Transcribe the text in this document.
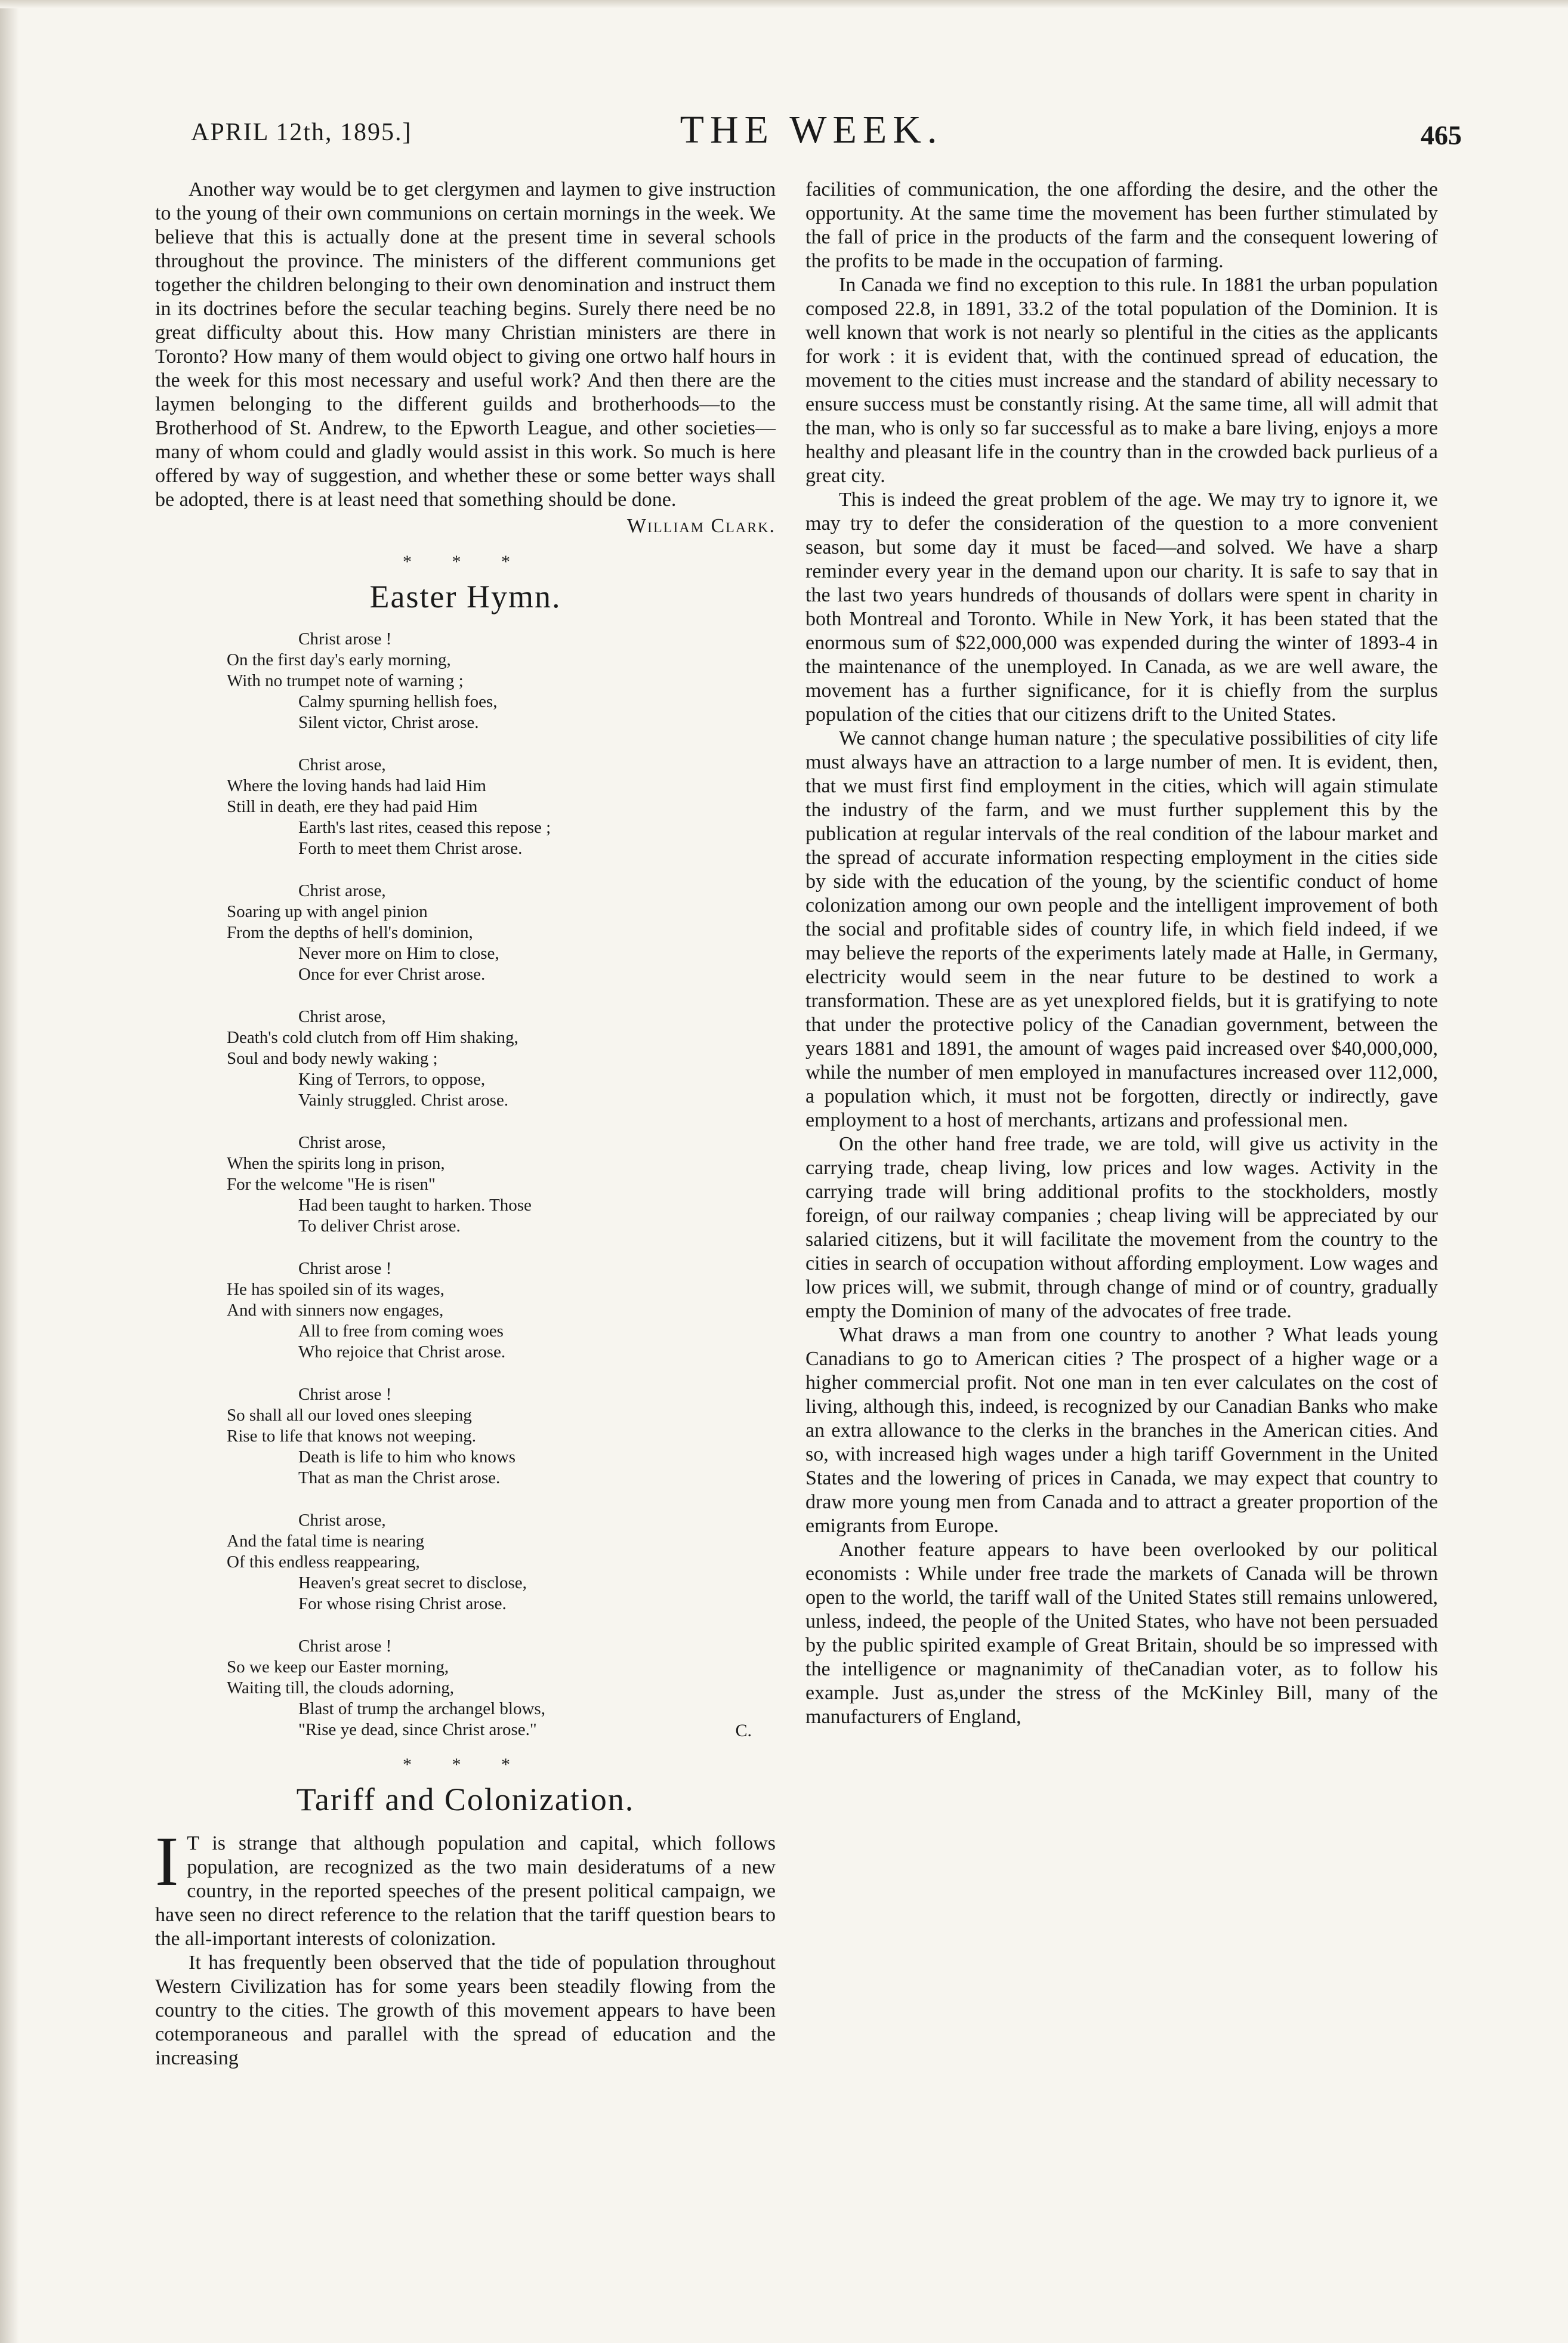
APRIL 12th, 1895.]	THE WEEK.	465

Another way would be to get clergymen and laymen to give instruction to the young of their own communions on certain mornings in the week. We believe that this is actually done at the present time in several schools throughout the province. The ministers of the different communions get together the children belonging to their own denomination and instruct them in its doctrines before the secular teaching begins. Surely there need be no great difficulty about this. How many Christian ministers are there in Toronto? How many of them would object to giving one ortwo half hours in the week for this most necessary and useful work? And then there are the laymen belonging to the different guilds and brotherhoods—to the Brotherhood of St. Andrew, to the Epworth League, and other societies—many of whom could and gladly would assist in this work. So much is here offered by way of suggestion, and whether these or some better ways shall be adopted, there is at least need that something should be done.

William Clark.
* * *
Easter Hymn.
Christ arose !
On the first day's early morning,
With no trumpet note of warning ;
Calmy spurning hellish foes,
Silent victor, Christ arose.
Christ arose,
Where the loving hands had laid Him
Still in death, ere they had paid Him
Earth's last rites, ceased this repose ;
Forth to meet them Christ arose.
Christ arose,
Soaring up with angel pinion
From the depths of hell's dominion,
Never more on Him to close,
Once for ever Christ arose.
Christ arose,
Death's cold clutch from off Him shaking,
Soul and body newly waking ;
King of Terrors, to oppose,
Vainly struggled. Christ arose.
Christ arose,
When the spirits long in prison,
For the welcome "He is risen"
Had been taught to harken. Those
To deliver Christ arose.
Christ arose !
He has spoiled sin of its wages,
And with sinners now engages,
All to free from coming woes
Who rejoice that Christ arose.
Christ arose !
So shall all our loved ones sleeping
Rise to life that knows not weeping.
Death is life to him who knows
That as man the Christ arose.
Christ arose,
And the fatal time is nearing
Of this endless reappearing,
Heaven's great secret to disclose,
For whose rising Christ arose.
Christ arose !
So we keep our Easter morning,
Waiting till, the clouds adorning,
Blast of trump the archangel blows,
"Rise ye dead, since Christ arose."	C.
* * *
Tariff and Colonization.

I T is strange that although population and capital, which follows population, are recognized as the two main desideratums of a new country, in the reported speeches of the present political campaign, we have seen no direct reference to the relation that the tariff question bears to the all-important interests of colonization.

It has frequently been observed that the tide of population throughout Western Civilization has for some years been steadily flowing from the country to the cities. The growth of this movement appears to have been cotemporaneous and parallel with the spread of education and the increasing

facilities of communication, the one affording the desire, and the other the opportunity. At the same time the movement has been further stimulated by the fall of price in the products of the farm and the consequent lowering of the profits to be made in the occupation of farming.

In Canada we find no exception to this rule. In 1881 the urban population composed 22.8, in 1891, 33.2 of the total population of the Dominion. It is well known that work is not nearly so plentiful in the cities as the applicants for work : it is evident that, with the continued spread of education, the movement to the cities must increase and the standard of ability necessary to ensure success must be constantly rising. At the same time, all will admit that the man, who is only so far successful as to make a bare living, enjoys a more healthy and pleasant life in the country than in the crowded back purlieus of a great city.

This is indeed the great problem of the age. We may try to ignore it, we may try to defer the consideration of the question to a more convenient season, but some day it must be faced—and solved. We have a sharp reminder every year in the demand upon our charity. It is safe to say that in the last two years hundreds of thousands of dollars were spent in charity in both Montreal and Toronto. While in New York, it has been stated that the enormous sum of $22,000,000 was expended during the winter of 1893-4 in the maintenance of the unemployed. In Canada, as we are well aware, the movement has a further significance, for it is chiefly from the surplus population of the cities that our citizens drift to the United States.

We cannot change human nature ; the speculative possibilities of city life must always have an attraction to a large number of men. It is evident, then, that we must first find employment in the cities, which will again stimulate the industry of the farm, and we must further supplement this by the publication at regular intervals of the real condition of the labour market and the spread of accurate information respecting employment in the cities side by side with the education of the young, by the scientific conduct of home colonization among our own people and the intelligent improvement of both the social and profitable sides of country life, in which field indeed, if we may believe the reports of the experiments lately made at Halle, in Germany, electricity would seem in the near future to be destined to work a transformation. These are as yet unexplored fields, but it is gratifying to note that under the protective policy of the Canadian government, between the years 1881 and 1891, the amount of wages paid increased over $40,000,000, while the number of men employed in manufactures increased over 112,000, a population which, it must not be forgotten, directly or indirectly, gave employment to a host of merchants, artizans and professional men.

On the other hand free trade, we are told, will give us activity in the carrying trade, cheap living, low prices and low wages. Activity in the carrying trade will bring additional profits to the stockholders, mostly foreign, of our railway companies ; cheap living will be appreciated by our salaried citizens, but it will facilitate the movement from the country to the cities in search of occupation without affording employment. Low wages and low prices will, we submit, through change of mind or of country, gradually empty the Dominion of many of the advocates of free trade.

What draws a man from one country to another ? What leads young Canadians to go to American cities ? The prospect of a higher wage or a higher commercial profit. Not one man in ten ever calculates on the cost of living, although this, indeed, is recognized by our Canadian Banks who make an extra allowance to the clerks in the branches in the American cities. And so, with increased high wages under a high tariff Government in the United States and the lowering of prices in Canada, we may expect that country to draw more young men from Canada and to attract a greater proportion of the emigrants from Europe.

Another feature appears to have been overlooked by our political economists : While under free trade the markets of Canada will be thrown open to the world, the tariff wall of the United States still remains unlowered, unless, indeed, the people of the United States, who have not been persuaded by the public spirited example of Great Britain, should be so impressed with the intelligence or magnanimity of theCanadian voter, as to follow his example. Just as,under the stress of the McKinley Bill, many of the manufacturers of England,
